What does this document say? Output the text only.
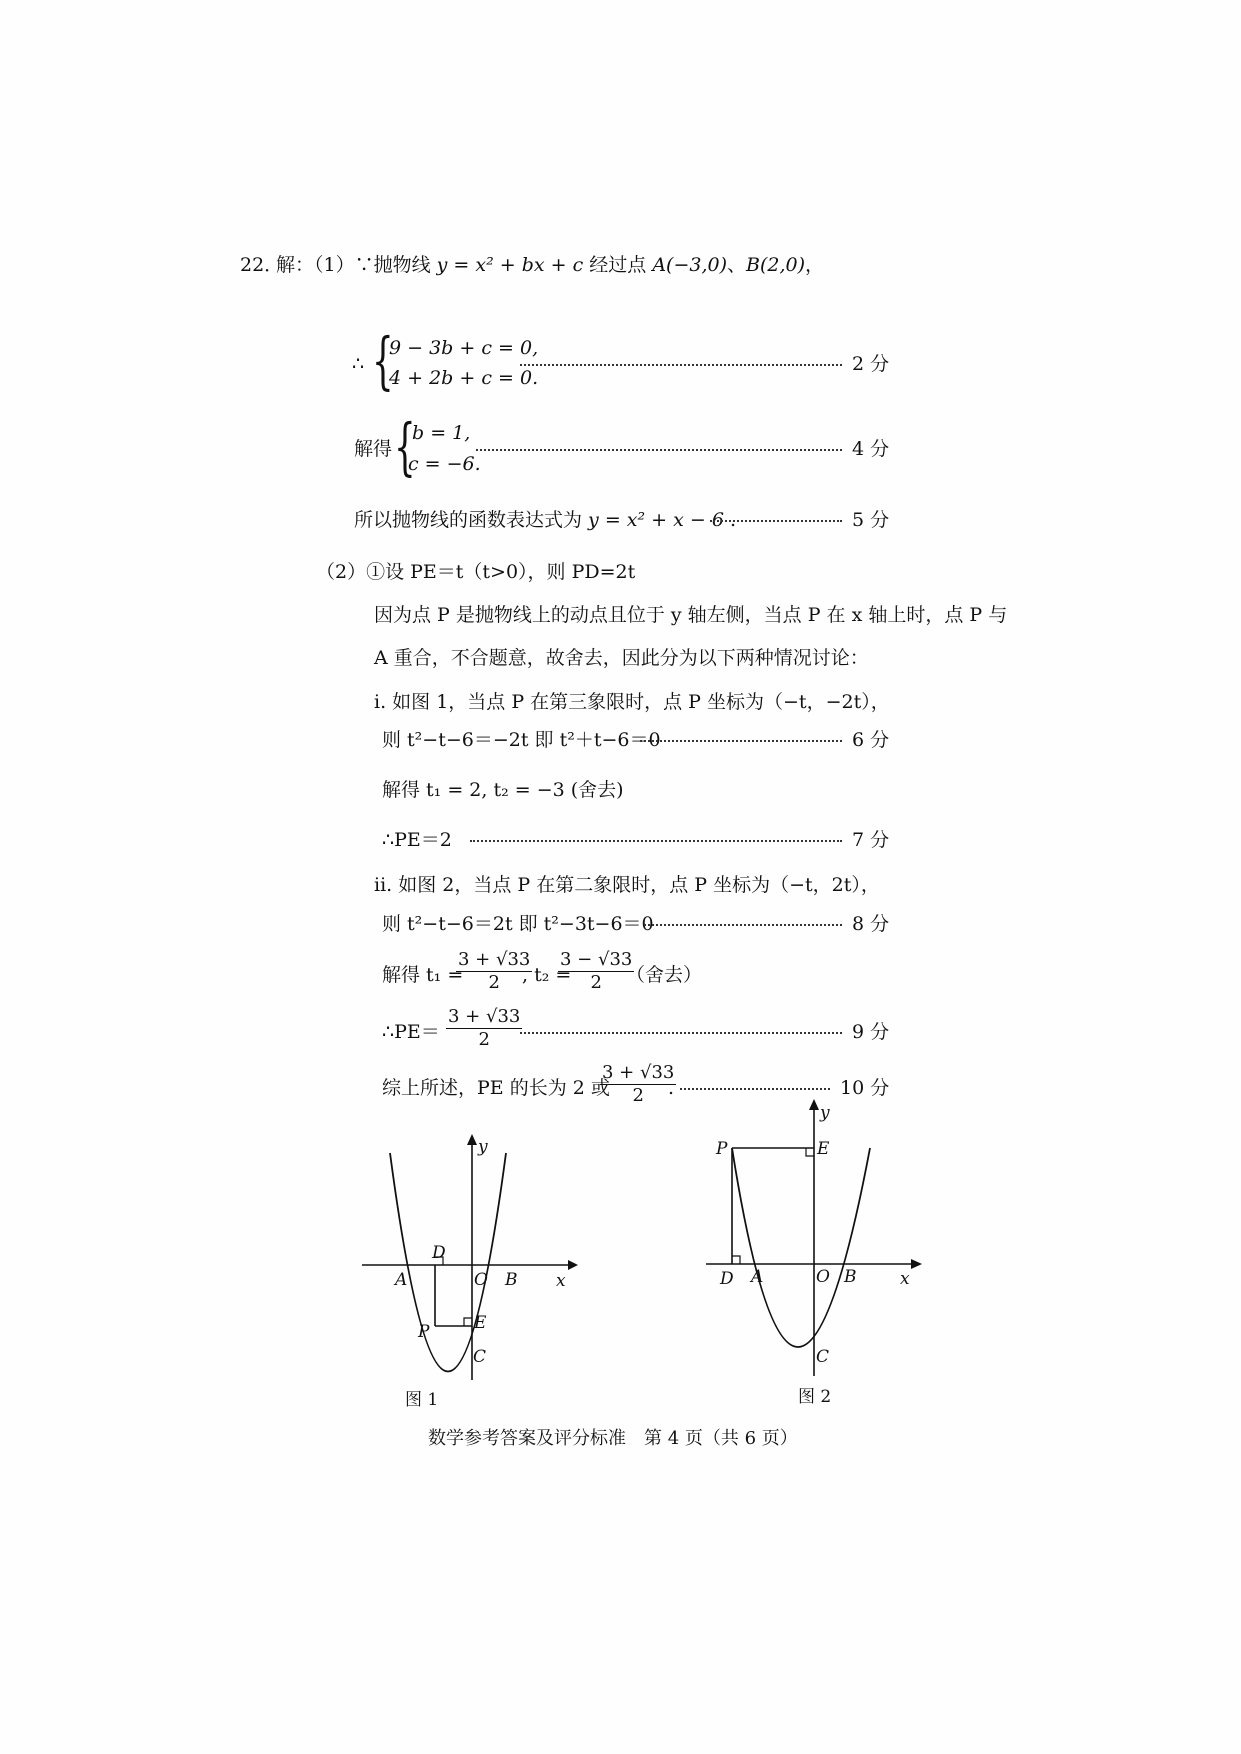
22．
解：（1）∵抛物线 y = x² + bx + c 经过点 A(−3,0)、B(2,0)，
∴ {
9 − 3b + c = 0,
4 + 2b + c = 0.
2 分
解得 {
b = 1,
c = −6.
4 分
所以抛物线的函数表达式为 y = x² + x − 6 .	5 分
（2）①设 PE＝t（t>0），则 PD=2t
因为点 P 是抛物线上的动点且位于 y 轴左侧，当点 P 在 x 轴上时，点 P 与
A 重合，不合题意，故舍去，因此分为以下两种情况讨论：
i. 如图 1，当点 P 在第三象限时，点 P 坐标为（−t，−2t），
则 t²−t−6＝−2t 即 t²＋t−6＝0	6 分
解得 t₁ = 2, t₂ = −3 (舍去)
∴PE＝2	7 分
ii. 如图 2，当点 P 在第二象限时，点 P 坐标为（−t，2t），
则 t²−t−6＝2t 即 t²−3t−6＝0	8 分
解得 t₁ =
$\frac{3 + √33}{2}$
, t₂ =
$\frac{3 - √33}{2}$
（舍去）
∴PE＝ $\frac{3 + √33}{2}$	9 分
综上所述，PE 的长为 2 或
$\frac{3 + √33}{2}$
.	10 分
y
x
A	O B
D
P	E
C
图 1
y
x
P	E
D A	O B
C
图 2
数学参考答案及评分标准　第 4 页（共 6 页）
